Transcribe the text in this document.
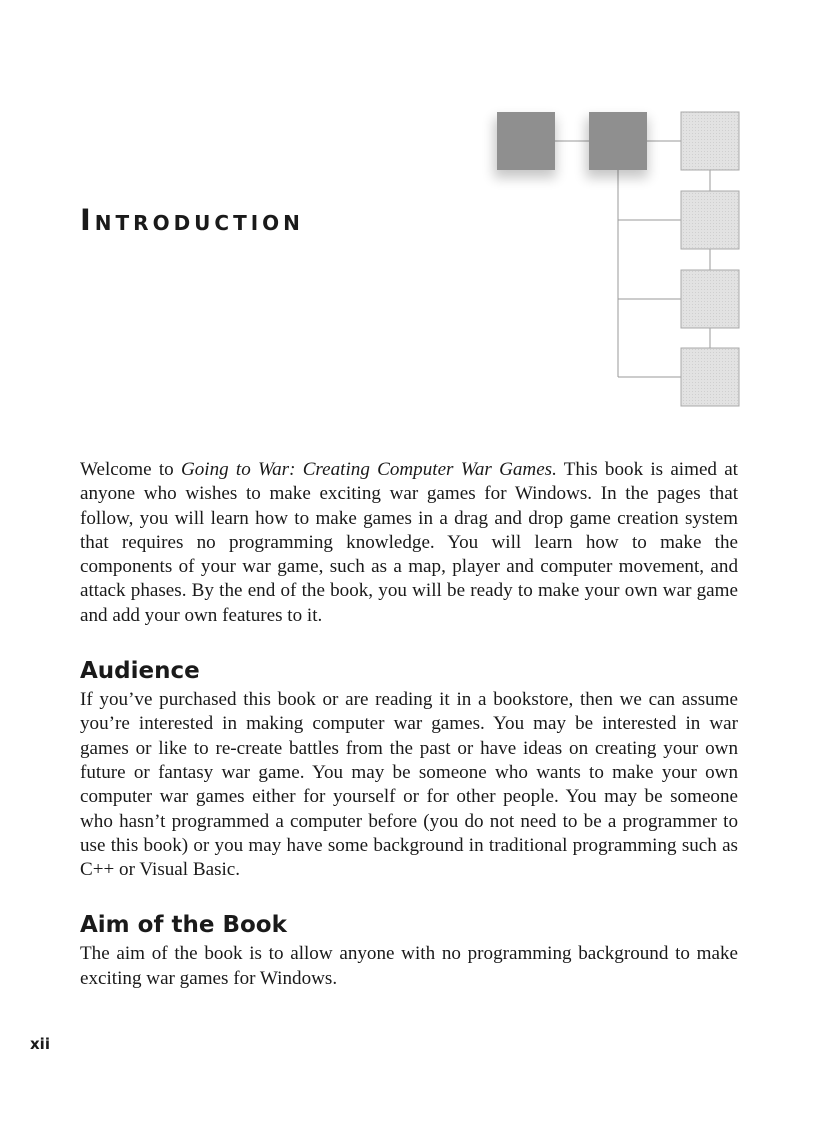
INTRODUCTION

Welcome to Going to War: Creating Computer War Games. This book is aimed at anyone who wishes to make exciting war games for Windows. In the pages that follow, you will learn how to make games in a drag and drop game creation system that requires no programming knowledge. You will learn how to make the components of your war game, such as a map, player and computer movement, and attack phases. By the end of the book, you will be ready to make your own war game and add your own features to it.

Audience

If you’ve purchased this book or are reading it in a bookstore, then we can assume you’re interested in making computer war games. You may be interested in war games or like to re-create battles from the past or have ideas on creating your own future or fantasy war game. You may be someone who wants to make your own computer war games either for yourself or for other people. You may be someone who hasn’t programmed a computer before (you do not need to be a programmer to use this book) or you may have some background in traditional programming such as C++ or Visual Basic.

Aim of the Book

The aim of the book is to allow anyone with no programming background to make exciting war games for Windows.

xii
